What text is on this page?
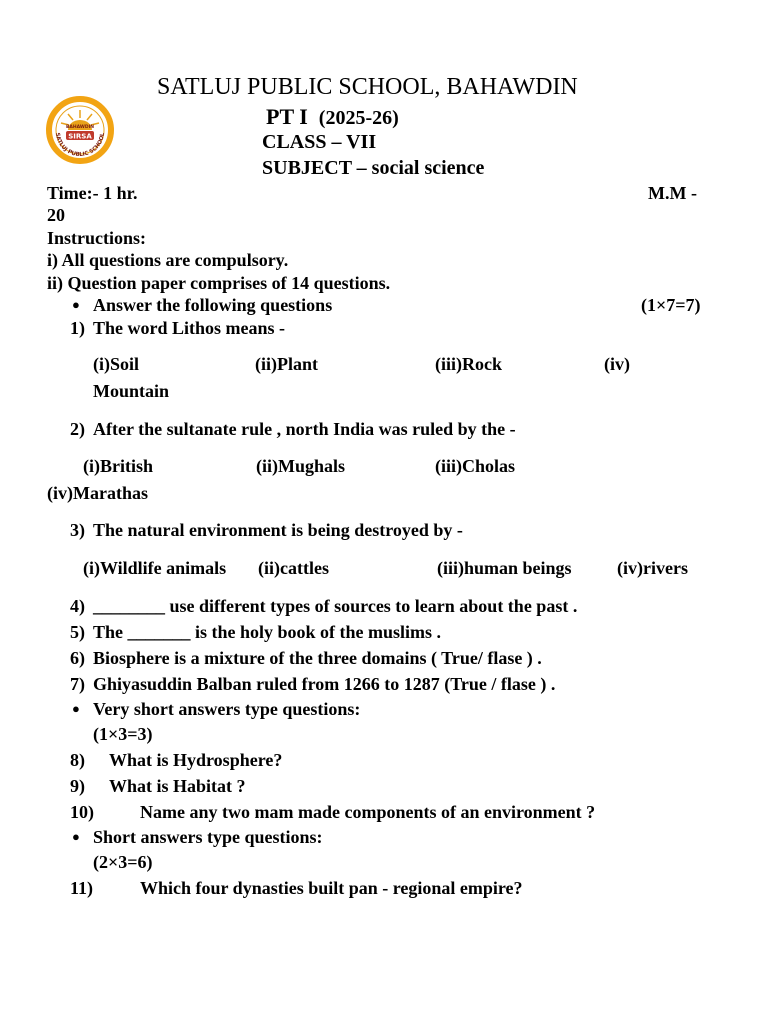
BAHAWDIN
SIRSA
SATLUJ PUBLIC SCHOOL
SATLUJ PUBLIC SCHOOL, BAHAWDIN
PT I (2025-26)
CLASS – VII
SUBJECT – social science
Time:- 1 hr.	M.M -
20
Instructions:
i) All questions are compulsory.
ii) Question paper comprises of 14 questions.
● Answer the following questions	(1×7=7)
1) The word Lithos means -
(i)Soil	(ii)Plant	(iii)Rock	(iv)
Mountain
2) After the sultanate rule , north India was ruled by the -
(i)British	(ii)Mughals	(iii)Cholas
(iv)Marathas
3) The natural environment is being destroyed by -
(i)Wildlife animals (ii)cattles	(iii)human beings	(iv)rivers
4) ________ use different types of sources to learn about the past .
5) The _______ is the holy book of the muslims .
6) Biosphere is a mixture of the three domains ( True/ flase ) .
7) Ghiyasuddin Balban ruled from 1266 to 1287 (True / flase ) .
● Very short answers type questions:
(1×3=3)
8) What is Hydrosphere?
9) What is Habitat ?
10)	Name any two mam made components of an environment ?
● Short answers type questions:
(2×3=6)
11)	Which four dynasties built pan - regional empire?
